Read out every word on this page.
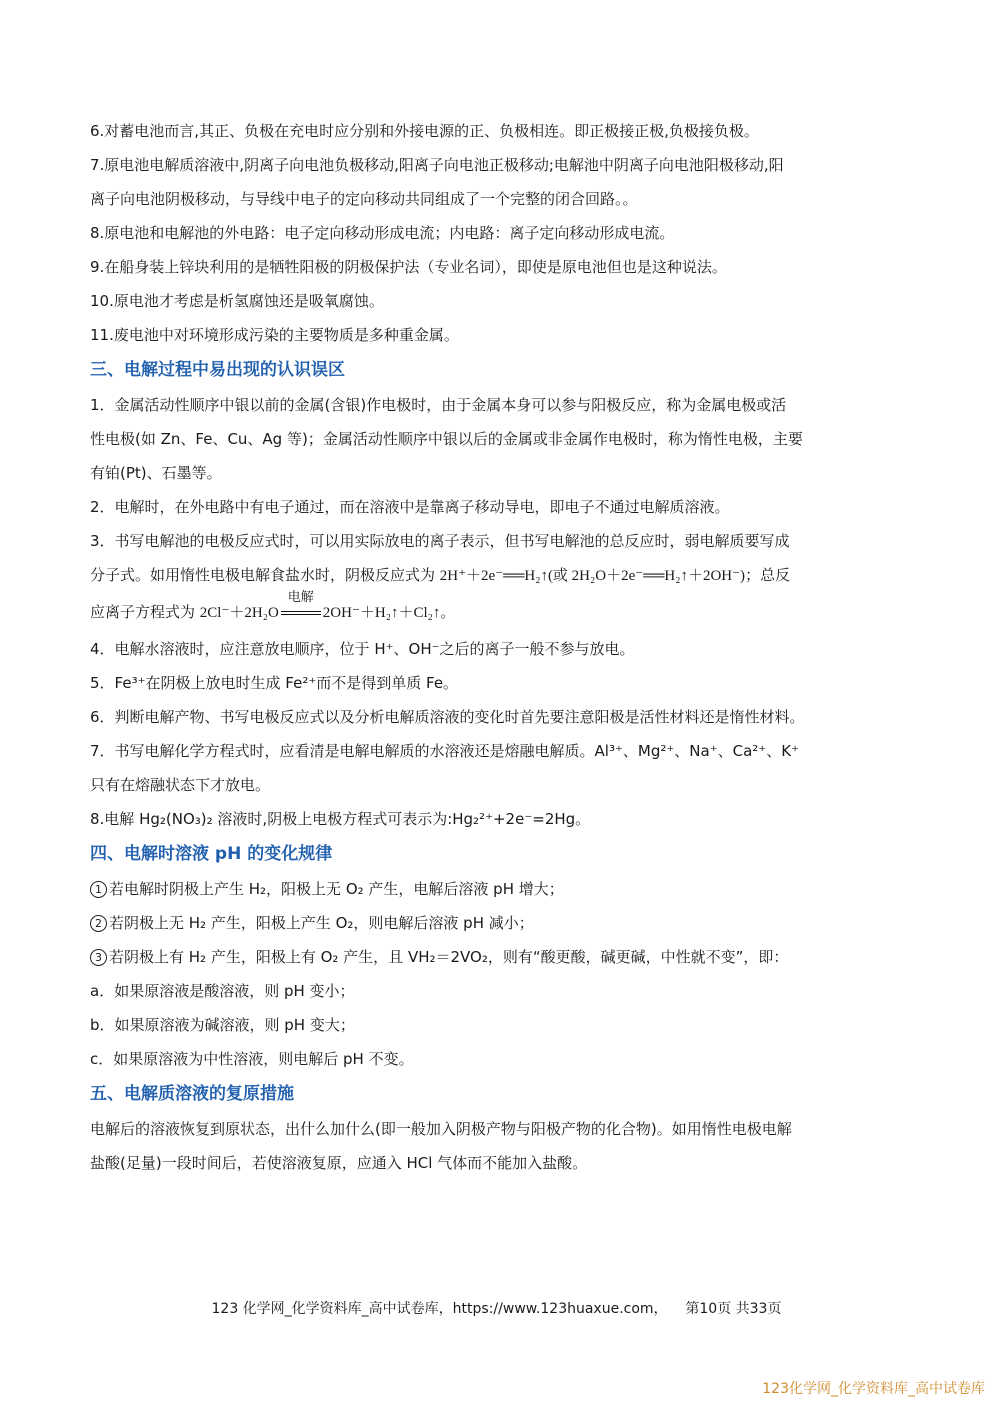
6.对蓄电池而言,其正、负极在充电时应分别和外接电源的正、负极相连。即正极接正极,负极接负极。
7.原电池电解质溶液中,阴离子向电池负极移动,阳离子向电池正极移动;电解池中阴离子向电池阳极移动,阳
离子向电池阴极移动，与导线中电子的定向移动共同组成了一个完整的闭合回路。。
8.原电池和电解池的外电路：电子定向移动形成电流；内电路：离子定向移动形成电流。
9.在船身装上锌块利用的是牺牲阳极的阴极保护法（专业名词），即使是原电池但也是这种说法。
10.原电池才考虑是析氢腐蚀还是吸氧腐蚀。
11.废电池中对环境形成污染的主要物质是多种重金属。
三、电解过程中易出现的认识误区
1．金属活动性顺序中银以前的金属(含银)作电极时，由于金属本身可以参与阳极反应，称为金属电极或活
性电极(如 Zn、Fe、Cu、Ag 等)；金属活动性顺序中银以后的金属或非金属作电极时，称为惰性电极，主要
有铂(Pt)、石墨等。
2．电解时，在外电路中有电子通过，而在溶液中是靠离子移动导电，即电子不通过电解质溶液。
3．书写电解池的电极反应式时，可以用实际放电的离子表示，但书写电解池的总反应时，弱电解质要写成
分子式。如用惰性电极电解食盐水时，阴极反应式为 2H⁺＋2e⁻══H₂↑(或 2H₂O＋2e⁻══H₂↑＋2OH⁻)；总反
应离子方程式为 2Cl⁻＋2H₂O
电解
2OH⁻＋H₂↑＋Cl₂↑。
4．电解水溶液时，应注意放电顺序，位于 H⁺、OH⁻之后的离子一般不参与放电。
5．Fe³⁺在阴极上放电时生成 Fe²⁺而不是得到单质 Fe。
6．判断电解产物、书写电极反应式以及分析电解质溶液的变化时首先要注意阳极是活性材料还是惰性材料。
7．书写电解化学方程式时，应看清是电解电解质的水溶液还是熔融电解质。Al³⁺、Mg²⁺、Na⁺、Ca²⁺、K⁺
只有在熔融状态下才放电。
8.电解 Hg₂(NO₃)₂ 溶液时,阴极上电极方程式可表示为:Hg₂²⁺+2e⁻=2Hg。
四、电解时溶液 pH 的变化规律
1 若电解时阴极上产生 H₂，阳极上无 O₂ 产生，电解后溶液 pH 增大；
2 若阴极上无 H₂ 产生，阳极上产生 O₂，则电解后溶液 pH 减小；
3 若阴极上有 H₂ 产生，阳极上有 O₂ 产生，且 VH₂＝2VO₂，则有“酸更酸，碱更碱，中性就不变”，即：
a．如果原溶液是酸溶液，则 pH 变小；
b．如果原溶液为碱溶液，则 pH 变大；
c．如果原溶液为中性溶液，则电解后 pH 不变。
五、电解质溶液的复原措施
电解后的溶液恢复到原状态，出什么加什么(即一般加入阴极产物与阳极产物的化合物)。如用惰性电极电解
盐酸(足量)一段时间后，若使溶液复原，应通入 HCl 气体而不能加入盐酸。
123 化学网_化学资料库_高中试卷库，https://www.123huaxue.com， 第10页 共33页
123化学网_化学资料库_高中试卷库
